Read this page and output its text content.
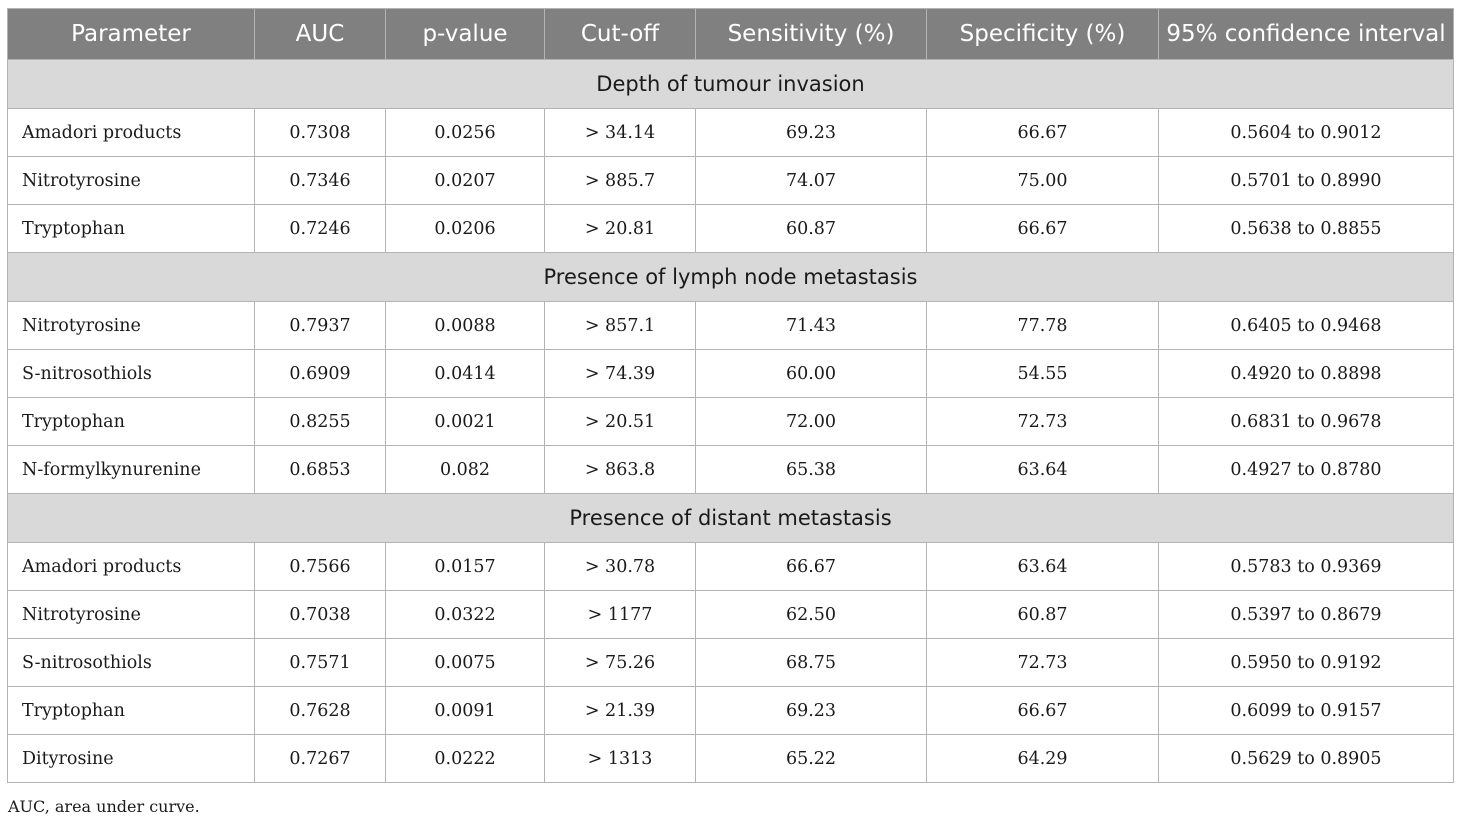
Parameter	AUC	p-value	Cut-off	Sensitivity (%)	Specificity (%)	95% confidence interval
Depth of tumour invasion						
Amadori products	0.7308	0.0256	> 34.14	69.23	66.67	0.5604 to 0.9012
Nitrotyrosine	0.7346	0.0207	> 885.7	74.07	75.00	0.5701 to 0.8990
Tryptophan	0.7246	0.0206	> 20.81	60.87	66.67	0.5638 to 0.8855
Presence of lymph node metastasis						
Nitrotyrosine	0.7937	0.0088	> 857.1	71.43	77.78	0.6405 to 0.9468
S-nitrosothiols	0.6909	0.0414	> 74.39	60.00	54.55	0.4920 to 0.8898
Tryptophan	0.8255	0.0021	> 20.51	72.00	72.73	0.6831 to 0.9678
N-formylkynurenine	0.6853	0.082	> 863.8	65.38	63.64	0.4927 to 0.8780
Presence of distant metastasis						
Amadori products	0.7566	0.0157	> 30.78	66.67	63.64	0.5783 to 0.9369
Nitrotyrosine	0.7038	0.0322	> 1177	62.50	60.87	0.5397 to 0.8679
S-nitrosothiols	0.7571	0.0075	> 75.26	68.75	72.73	0.5950 to 0.9192
Tryptophan	0.7628	0.0091	> 21.39	69.23	66.67	0.6099 to 0.9157
Dityrosine	0.7267	0.0222	> 1313	65.22	64.29	0.5629 to 0.8905
AUC, area under curve.
